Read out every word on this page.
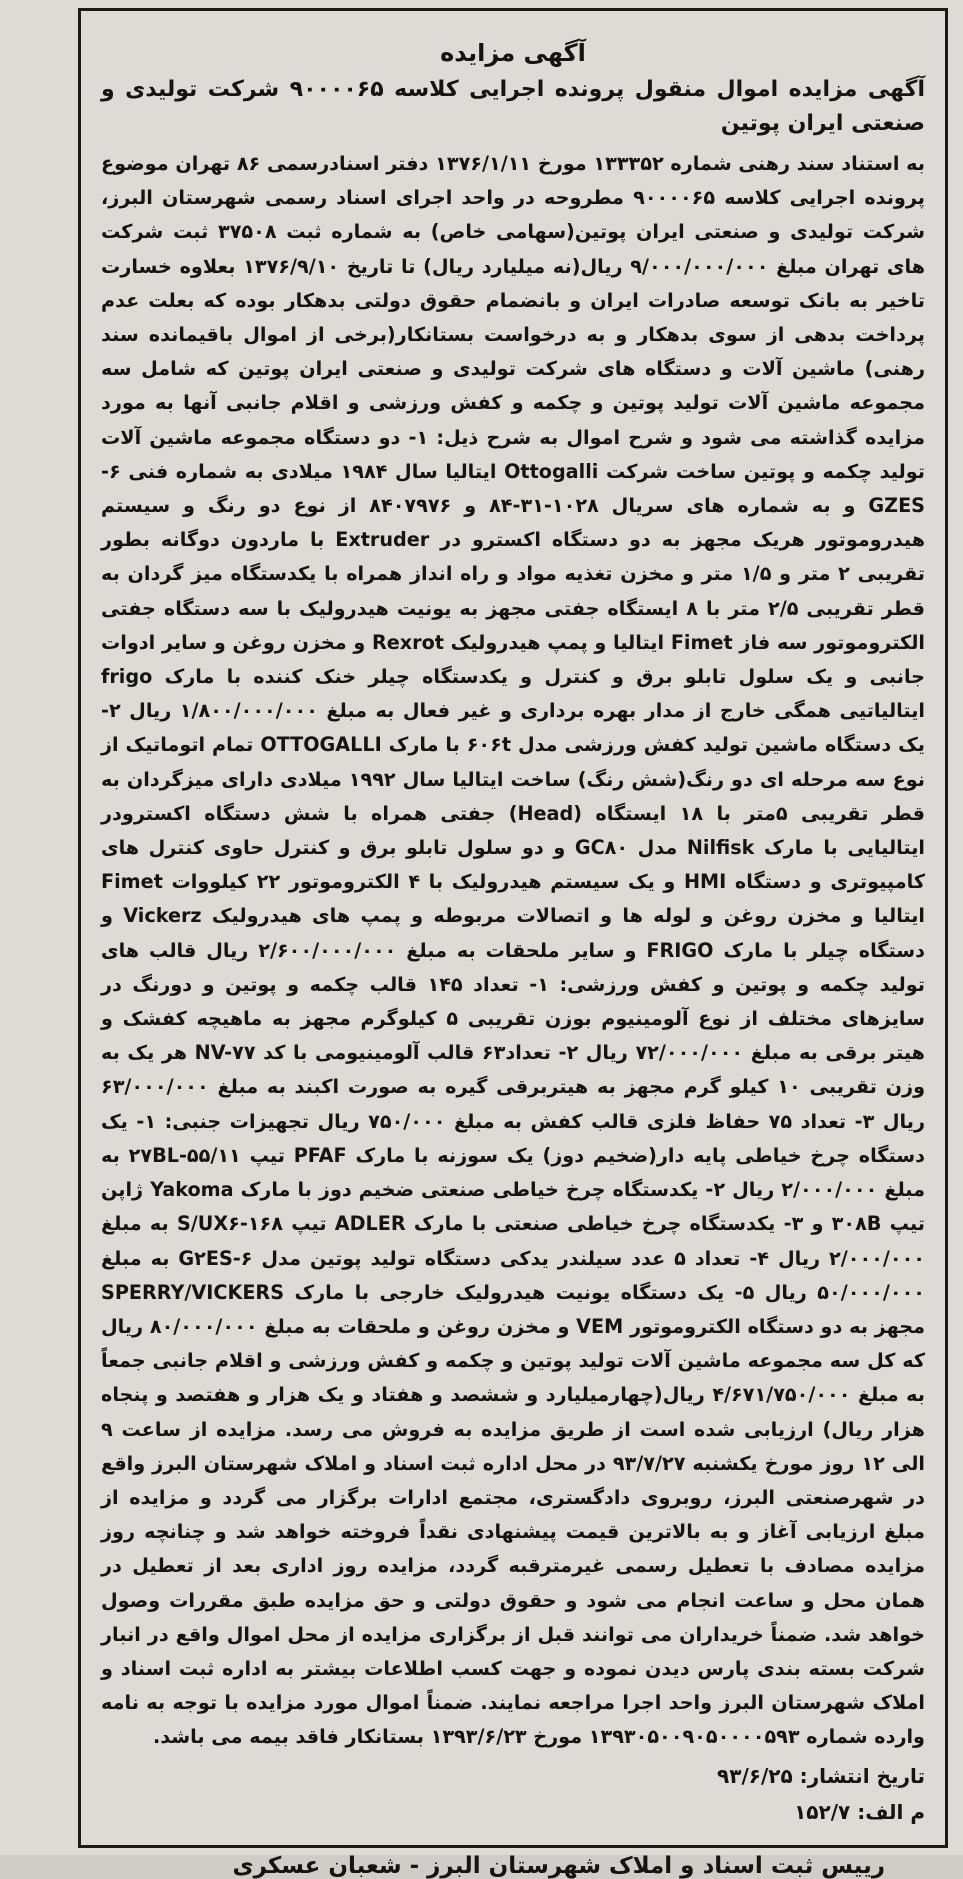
آگهی مزایده

آگهی مزایده اموال منقول پرونده اجرایی کلاسه ۹۰۰۰۰۶۵ شرکت تولیدی و صنعتی ایران پوتین

به استناد سند رهنی شماره ۱۳۳۳۵۲ مورخ ۱۳۷۶/۱/۱۱ دفتر اسنادرسمی ۸۶ تهران موضوع پرونده اجرایی کلاسه ۹۰۰۰۰۶۵ مطروحه در واحد اجرای اسناد رسمی شهرستان البرز، شرکت تولیدی و صنعتی ایران پوتین(سهامی خاص) به شماره ثبت ۳۷۵۰۸ ثبت شرکت های تهران مبلغ ۹/۰۰۰/۰۰۰/۰۰۰ ریال(نه میلیارد ریال) تا تاریخ ۱۳۷۶/۹/۱۰ بعلاوه خسارت تاخیر به بانک توسعه صادرات ایران و بانضمام حقوق دولتی بدهکار بوده که بعلت عدم پرداخت بدهی از سوی بدهکار و به درخواست بستانکار(برخی از اموال باقیمانده سند رهنی) ماشین آلات و دستگاه های شرکت تولیدی و صنعتی ایران پوتین که شامل سه مجموعه ماشین آلات تولید پوتین و چکمه و کفش ورزشی و اقلام جانبی آنها به مورد مزایده گذاشته می شود و شرح اموال به شرح ذیل: ۱- دو دستگاه مجموعه ماشین آلات تولید چکمه و پوتین ساخت شرکت Ottogalli ایتالیا سال ۱۹۸۴ میلادی به شماره فنی ۶-GZES و به شماره های سریال ۱۰۲۸-۳۱-۸۴ و ۸۴۰۷۹۷۶ از نوع دو رنگ و سیستم هیدروموتور هریک مجهز به دو دستگاه اکسترو در Extruder با ماردون دوگانه بطور تقریبی ۲ متر و ۱/۵ متر و مخزن تغذیه مواد و راه انداز همراه با یکدستگاه میز گردان به قطر تقریبی ۲/۵ متر با ۸ ایستگاه جفتی مجهز به یونیت هیدرولیک با سه دستگاه جفتی الکتروموتور سه فاز Fimet ایتالیا و پمپ هیدرولیک Rexrot و مخزن روغن و سایر ادوات جانبی و یک سلول تابلو برق و کنترل و یکدستگاه چیلر خنک کننده با مارک frigo ایتالیاتیی همگی خارج از مدار بهره برداری و غیر فعال به مبلغ ۱/۸۰۰/۰۰۰/۰۰۰ ریال ۲- یک دستگاه ماشین تولید کفش ورزشی مدل ۶۰۶t با مارک OTTOGALLI تمام اتوماتیک از نوع سه مرحله ای دو رنگ(شش رنگ) ساخت ایتالیا سال ۱۹۹۲ میلادی دارای میزگردان به قطر تقریبی ۵متر با ۱۸ ایستگاه (Head) جفتی همراه با شش دستگاه اکسترودر ایتالیایی با مارک Nilfisk مدل GC۸۰ و دو سلول تابلو برق و کنترل حاوی کنترل های کامپیوتری و دستگاه HMI و یک سیستم هیدرولیک با ۴ الکتروموتور ۲۲ کیلووات Fimet ایتالیا و مخزن روغن و لوله ها و اتصالات مربوطه و پمپ های هیدرولیک Vickerz و دستگاه چیلر با مارک FRIGO و سایر ملحقات به مبلغ ۲/۶۰۰/۰۰۰/۰۰۰ ریال قالب های تولید چکمه و پوتین و کفش ورزشی: ۱- تعداد ۱۴۵ قالب چکمه و پوتین و دورنگ در سایزهای مختلف از نوع آلومینیوم بوزن تقریبی ۵ کیلوگرم مجهز به ماهیچه کفشک و هیتر برقی به مبلغ ۷۲/۰۰۰/۰۰۰ ریال ۲- تعداد۶۳ قالب آلومینیومی با کد NV-۷۷ هر یک به وزن تقریبی ۱۰ کیلو گرم مجهز به هیتربرقی گیره به صورت اکبند به مبلغ ۶۳/۰۰۰/۰۰۰ ریال ۳- تعداد ۷۵ حفاظ فلزی قالب کفش به مبلغ ۷۵۰/۰۰۰ ریال تجهیزات جنبی: ۱- یک دستگاه چرخ خیاطی پایه دار(ضخیم دوز) یک سوزنه با مارک PFAF تیپ ۵۵/۱۱-۲۷BL به مبلغ ۲/۰۰۰/۰۰۰ ریال ۲- یکدستگاه چرخ خیاطی صنعتی ضخیم دوز با مارک Yakoma ژاپن تیپ ۳۰۸B و ۳- یکدستگاه چرخ خیاطی صنعتی با مارک ADLER تیپ ۱۶۸-S/UX۶ به مبلغ ۲/۰۰۰/۰۰۰ ریال ۴- تعداد ۵ عدد سیلندر یدکی دستگاه تولید پوتین مدل ۶-G۲ES به مبلغ ۵۰/۰۰۰/۰۰۰ ریال ۵- یک دستگاه یونیت هیدرولیک خارجی با مارک SPERRY/VICKERS مجهز به دو دستگاه الکتروموتور VEM و مخزن روغن و ملحقات به مبلغ ۸۰/۰۰۰/۰۰۰ ریال که کل سه مجموعه ماشین آلات تولید پوتین و چکمه و کفش ورزشی و اقلام جانبی جمعاً به مبلغ ۴/۶۷۱/۷۵۰/۰۰۰ ریال(چهارمیلیارد و ششصد و هفتاد و یک هزار و هفتصد و پنجاه هزار ریال) ارزیابی شده است از طریق مزایده به فروش می رسد. مزایده از ساعت ۹ الی ۱۲ روز مورخ یکشنبه ۹۳/۷/۲۷ در محل اداره ثبت اسناد و املاک شهرستان البرز واقع در شهرصنعتی البرز، روبروی دادگستری، مجتمع ادارات برگزار می گردد و مزایده از مبلغ ارزیابی آغاز و به بالاترین قیمت پیشنهادی نقداً فروخته خواهد شد و چنانچه روز مزایده مصادف با تعطیل رسمی غیرمترقبه گردد، مزایده روز اداری بعد از تعطیل در همان محل و ساعت انجام می شود و حقوق دولتی و حق مزایده طبق مقررات وصول خواهد شد. ضمناً خریداران می توانند قبل از برگزاری مزایده از محل اموال واقع در انبار شرکت بسته بندی پارس دیدن نموده و جهت کسب اطلاعات بیشتر به اداره ثبت اسناد و املاک شهرستان البرز واحد اجرا مراجعه نمایند. ضمناً اموال مورد مزایده با توجه به نامه وارده شماره ۱۳۹۳۰۵۰۰۹۰۵۰۰۰۰۵۹۳ مورخ ۱۳۹۳/۶/۲۳ بستانکار فاقد بیمه می باشد.

تاریخ انتشار: ۹۳/۶/۲۵
م الف: ۱۵۲/۷
رییس ثبت اسناد و املاک شهرستان البرز - شعبان عسکری
